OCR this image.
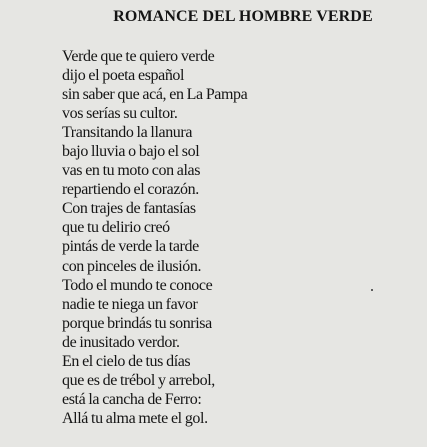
ROMANCE DEL HOMBRE VERDE
Verde que te quiero verde
dijo el poeta español
sin saber que acá, en La Pampa
vos serías su cultor.
Transitando la llanura
bajo lluvia o bajo el sol
vas en tu moto con alas
repartiendo el corazón.
Con trajes de fantasías
que tu delirio creó
pintás de verde la tarde
con pinceles de ilusión.
Todo el mundo te conoce
nadie te niega un favor
porque brindás tu sonrisa
de inusitado verdor.
En el cielo de tus días
que es de trébol y arrebol,
está la cancha de Ferro:
Allá tu alma mete el gol.
